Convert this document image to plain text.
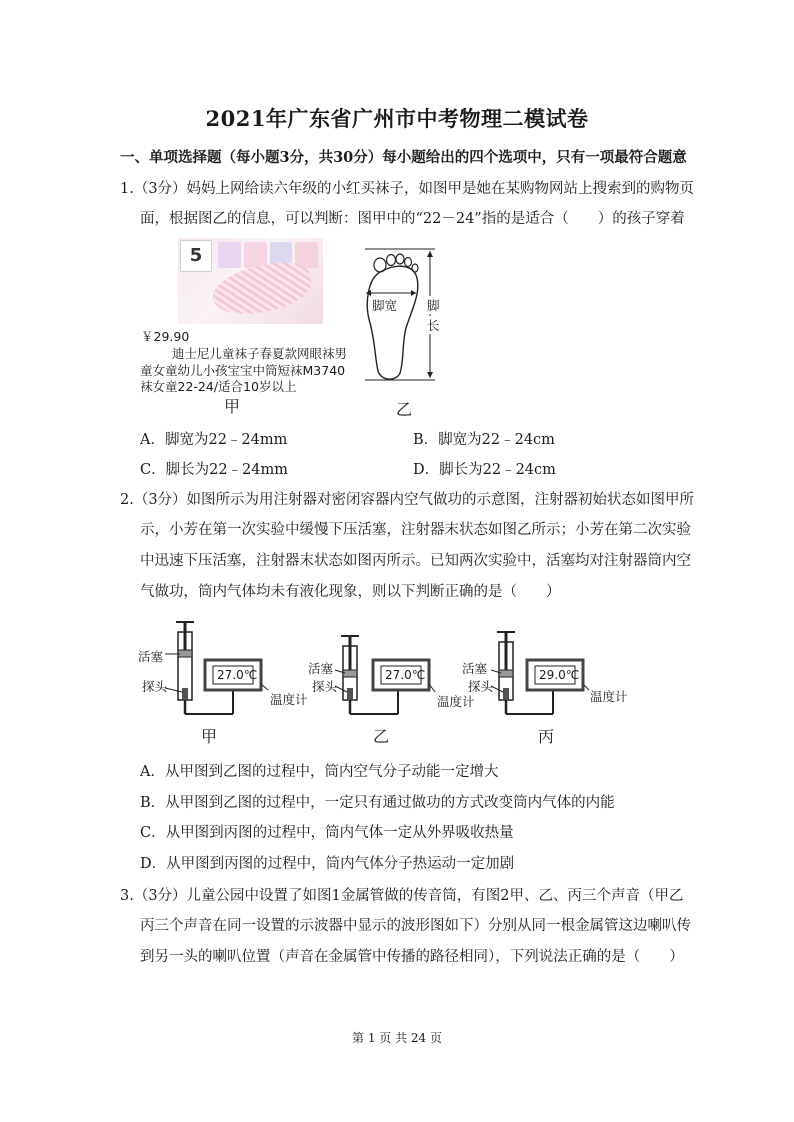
2021年广东省广州市中考物理二模试卷
一、单项选择题（每小题3分，共30分）每小题给出的四个选项中，只有一项最符合题意
1.（3分）妈妈上网给读六年级的小红买袜子，如图甲是她在某购物网站上搜索到的购物页
面，根据图乙的信息，可以判断：图甲中的“22－24”指的是适合（　　）的孩子穿着
5
￥29.90
迪士尼儿童袜子春夏款网眼袜男
童女童幼儿小孩宝宝中筒短袜M3740
袜女童22-24/适合10岁以上
甲
脚宽 脚
长
乙
A．脚宽为22﹣24mm	B．脚宽为22﹣24cm
C．脚长为22﹣24mm	D．脚长为22﹣24cm
2.（3分）如图所示为用注射器对密闭容器内空气做功的示意图，注射器初始状态如图甲所
示，小芳在第一次实验中缓慢下压活塞，注射器末状态如图乙所示；小芳在第二次实验
中迅速下压活塞，注射器末状态如图丙所示。已知两次实验中，活塞均对注射器筒内空
气做功，筒内气体均未有液化现象，则以下判断正确的是（　　）
活塞
探头
27.0℃
温度计
活塞
探头
27.0℃
温度计
活塞
探头
29.0℃
温度计
甲	乙	丙
A．从甲图到乙图的过程中，筒内空气分子动能一定增大
B．从甲图到乙图的过程中，一定只有通过做功的方式改变筒内气体的内能
C．从甲图到丙图的过程中，筒内气体一定从外界吸收热量
D．从甲图到丙图的过程中，筒内气体分子热运动一定加剧
3.（3分）儿童公园中设置了如图1金属管做的传音筒，有图2甲、乙、丙三个声音（甲乙
丙三个声音在同一设置的示波器中显示的波形图如下）分别从同一根金属管这边喇叭传
到另一头的喇叭位置（声音在金属管中传播的路径相同），下列说法正确的是（　　）
第 1 页 共 24 页
